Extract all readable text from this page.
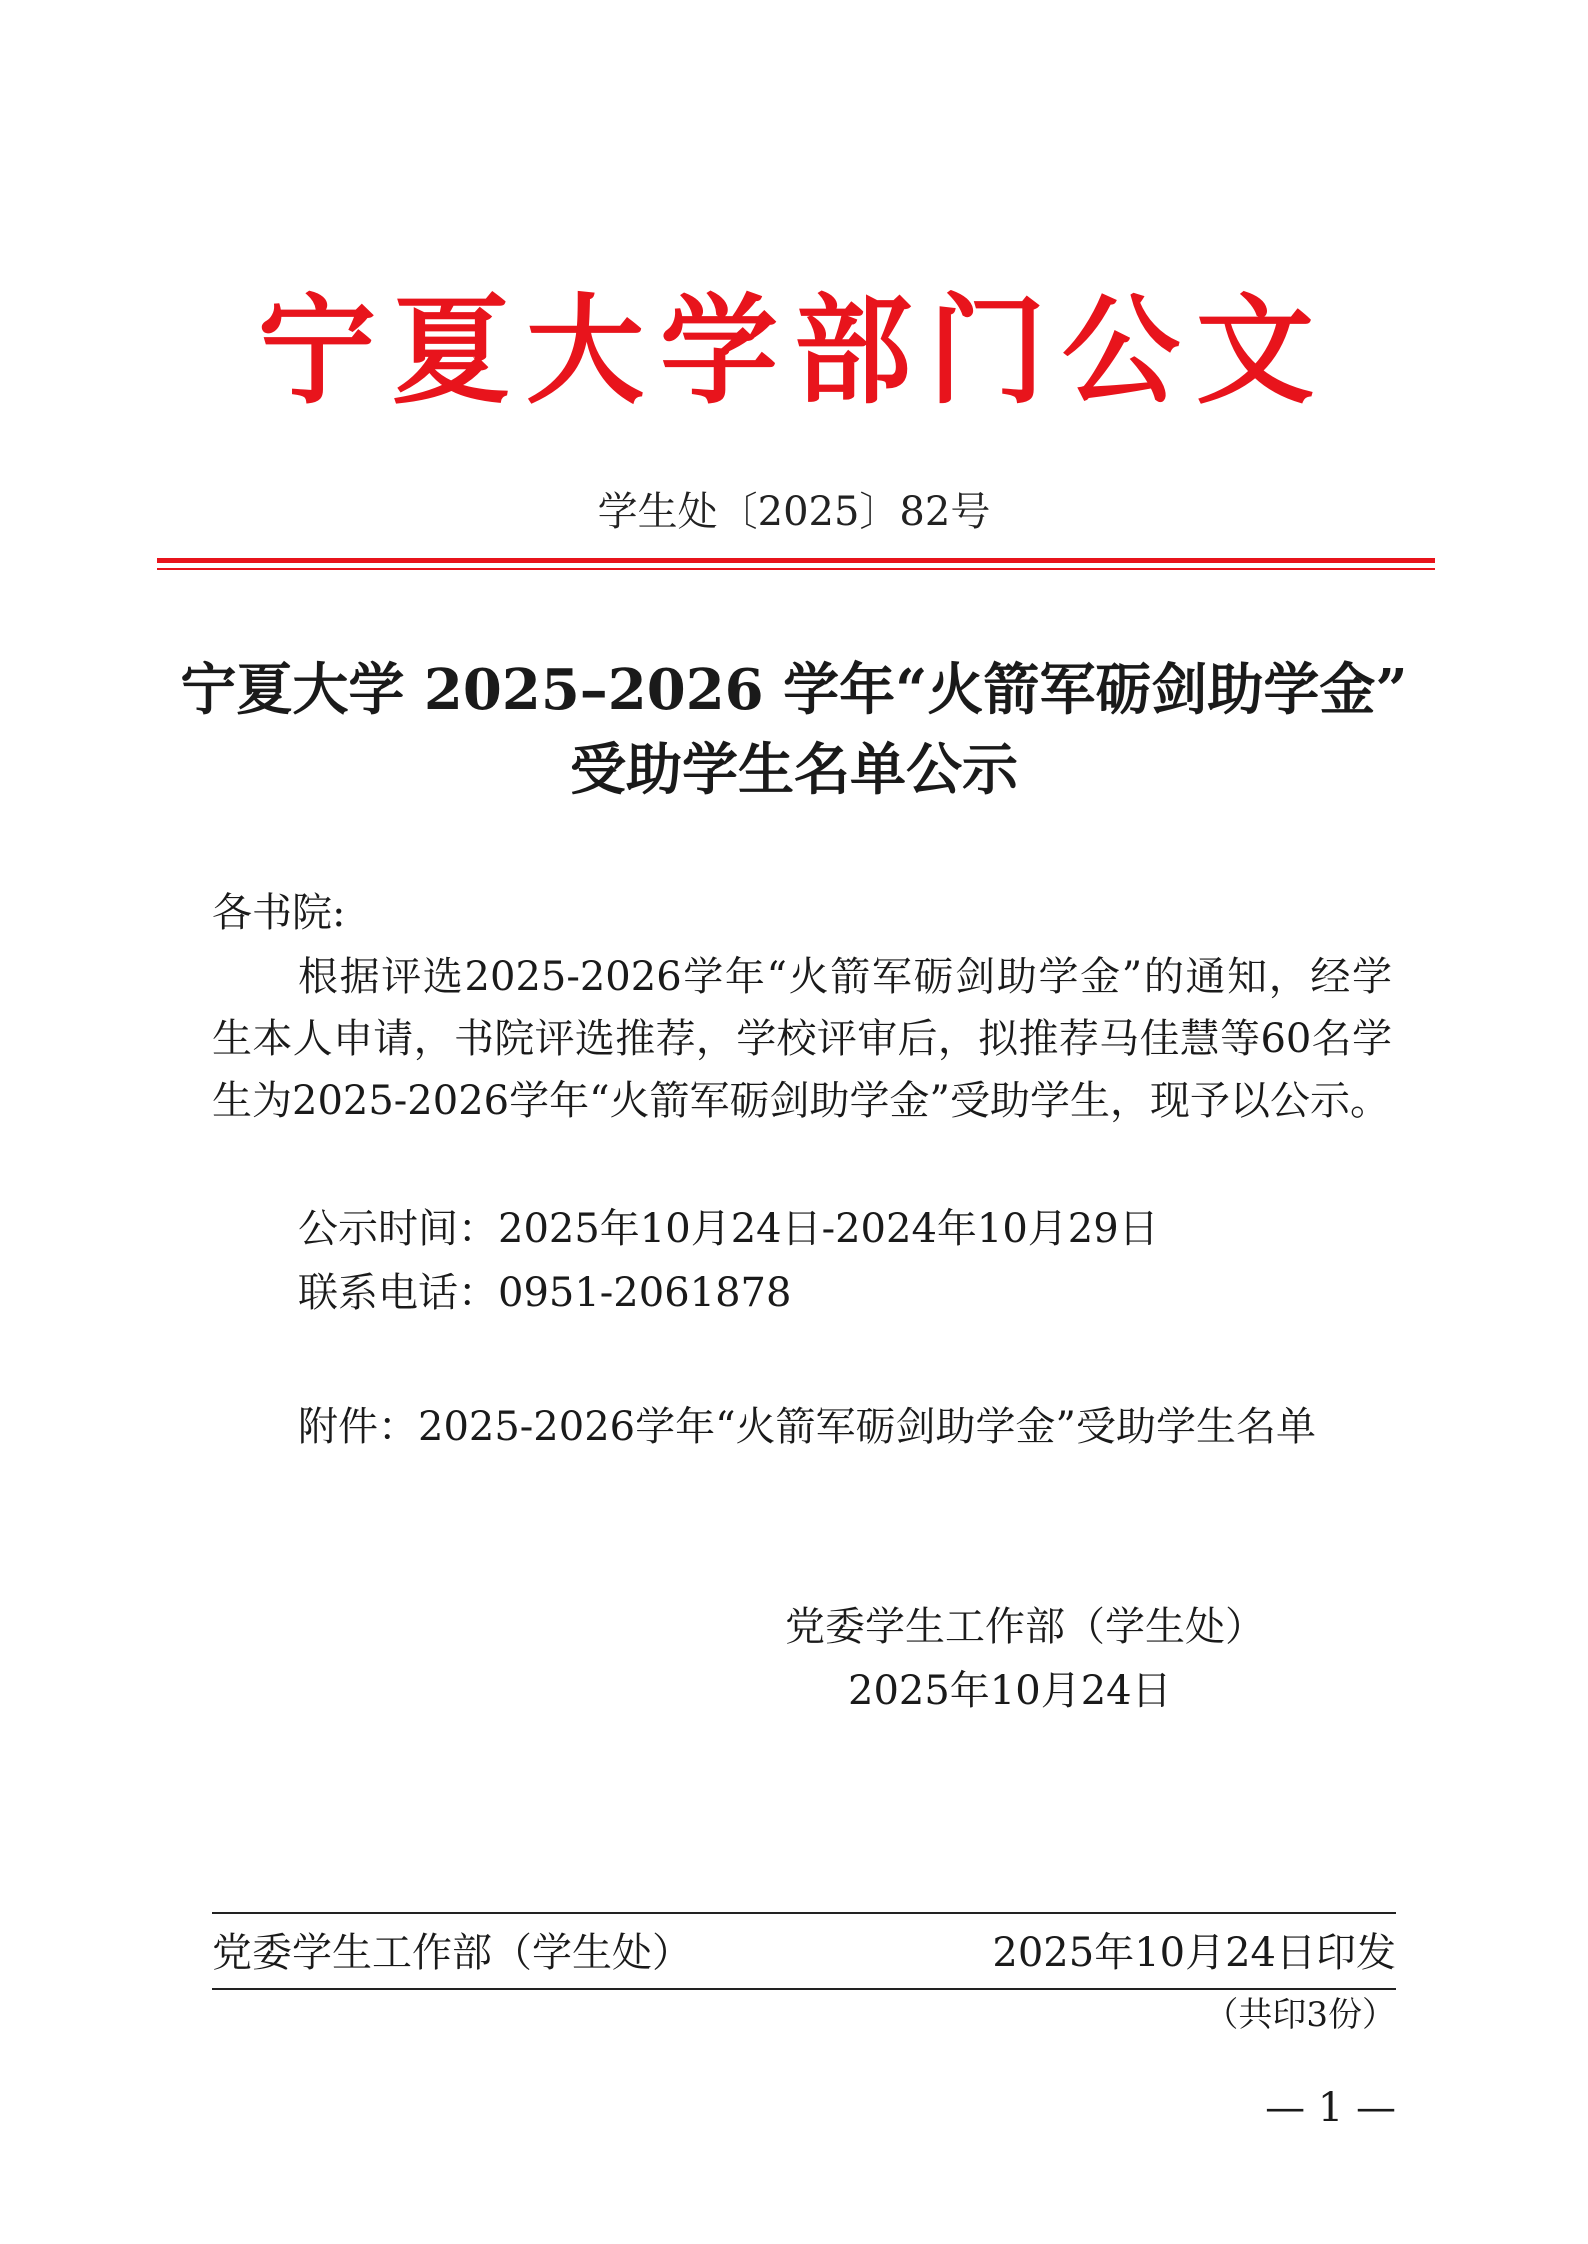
宁夏大学部门公文
学生处〔2025〕82号
宁夏大学 2025–2026 学年“火箭军砺剑助学金”
受助学生名单公示
各书院:
根据评选2025-2026学年“火箭军砺剑助学金”的通知，经学生本人申请，书院评选推荐，学校评审后，拟推荐马佳慧等60名学生为2025-2026学年“火箭军砺剑助学金”受助学生，现予以公示。
公示时间：2025年10月24日-2024年10月29日
联系电话：0951-2061878
附件：2025-2026学年“火箭军砺剑助学金”受助学生名单
党委学生工作部（学生处）
2025年10月24日
党委学生工作部（学生处）	2025年10月24日印发
（共印3份）
— 1 —
